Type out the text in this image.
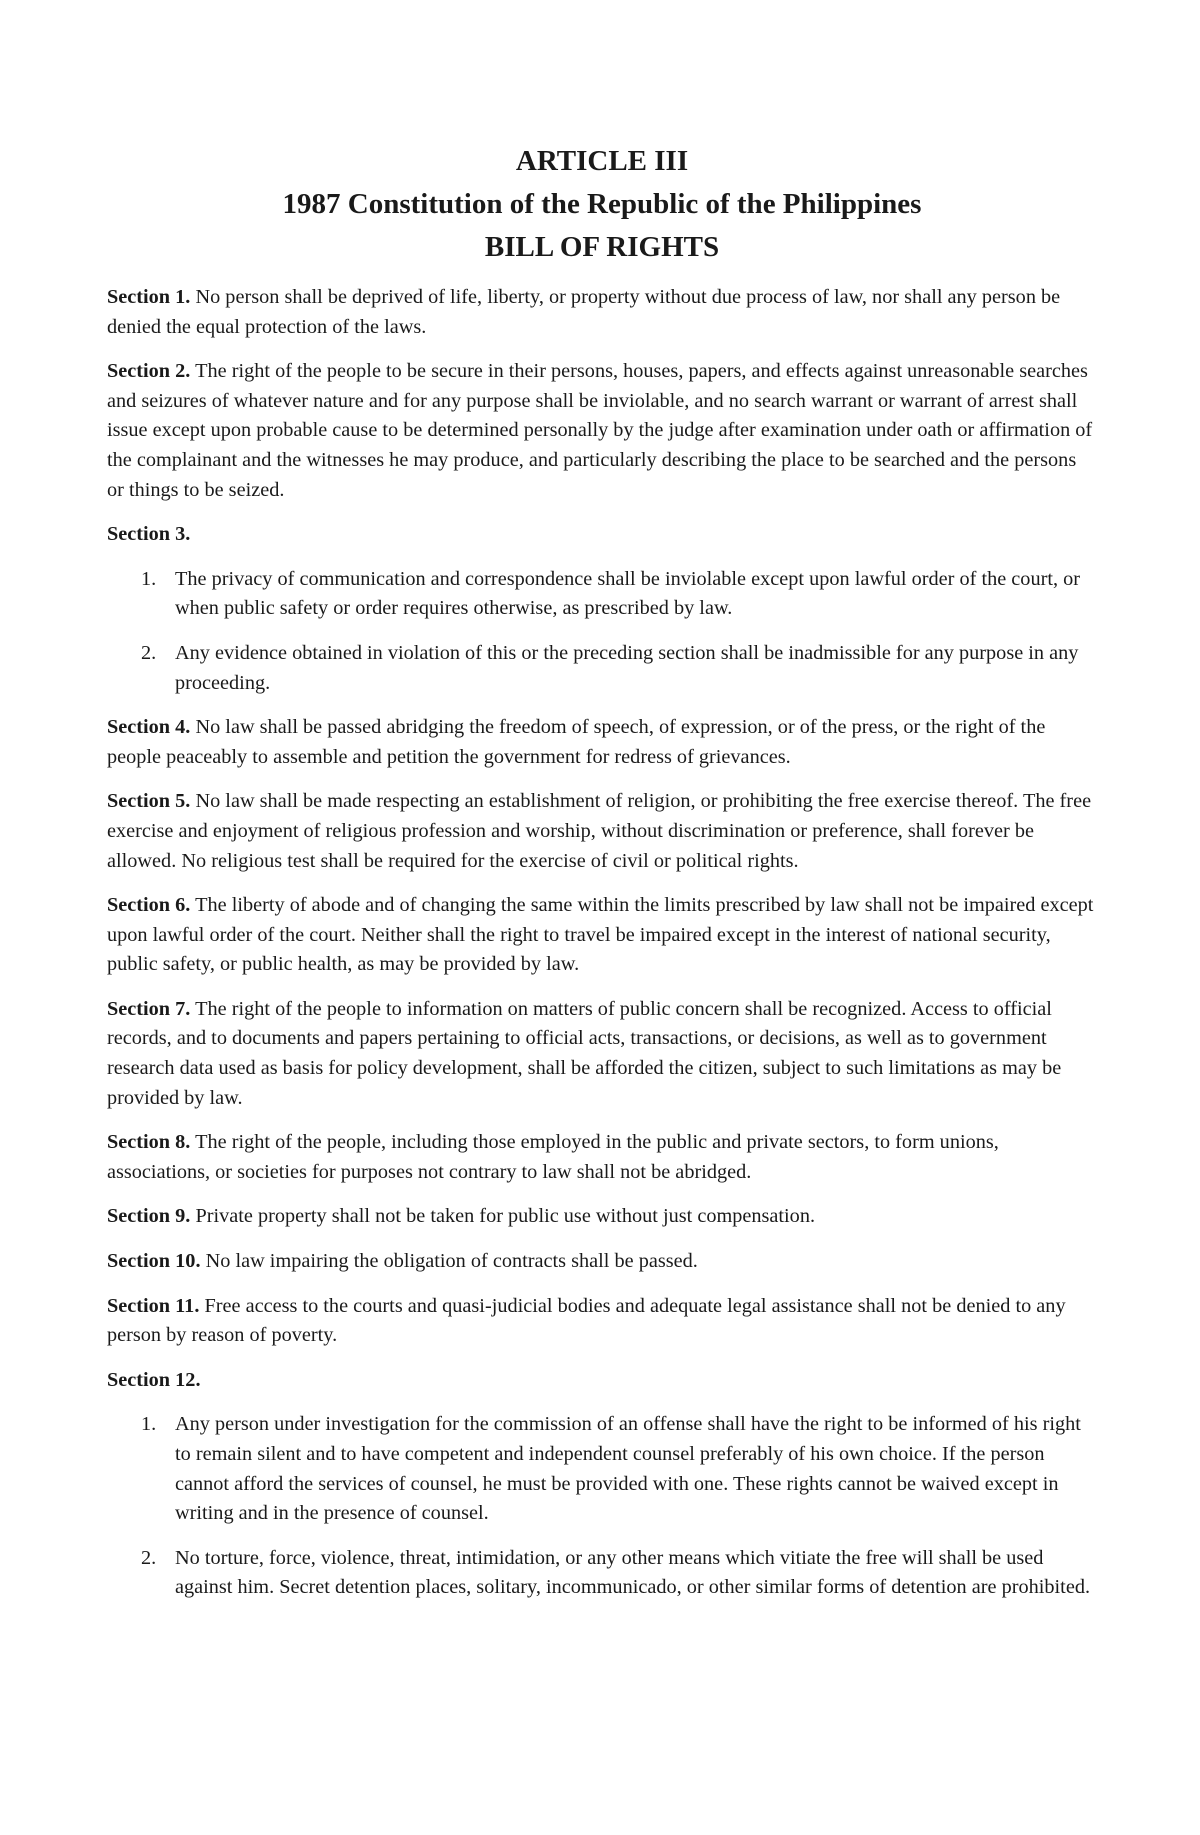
ARTICLE III
1987 Constitution of the Republic of the Philippines
BILL OF RIGHTS

Section 1. No person shall be deprived of life, liberty, or property without due process of law, nor shall any person be denied the equal protection of the laws.

Section 2. The right of the people to be secure in their persons, houses, papers, and effects against unreasonable searches and seizures of whatever nature and for any purpose shall be inviolable, and no search warrant or warrant of arrest shall issue except upon probable cause to be determined personally by the judge after examination under oath or affirmation of the complainant and the witnesses he may produce, and particularly describing the place to be searched and the persons or things to be seized.

Section 3.
1. The privacy of communication and correspondence shall be inviolable except upon lawful order of the court, or when public safety or order requires otherwise, as prescribed by law.
2. Any evidence obtained in violation of this or the preceding section shall be inadmissible for any purpose in any proceeding.

Section 4. No law shall be passed abridging the freedom of speech, of expression, or of the press, or the right of the people peaceably to assemble and petition the government for redress of grievances.

Section 5. No law shall be made respecting an establishment of religion, or prohibiting the free exercise thereof. The free exercise and enjoyment of religious profession and worship, without discrimination or preference, shall forever be allowed. No religious test shall be required for the exercise of civil or political rights.

Section 6. The liberty of abode and of changing the same within the limits prescribed by law shall not be impaired except upon lawful order of the court. Neither shall the right to travel be impaired except in the interest of national security, public safety, or public health, as may be provided by law.

Section 7. The right of the people to information on matters of public concern shall be recognized. Access to official records, and to documents and papers pertaining to official acts, transactions, or decisions, as well as to government research data used as basis for policy development, shall be afforded the citizen, subject to such limitations as may be provided by law.

Section 8. The right of the people, including those employed in the public and private sectors, to form unions, associations, or societies for purposes not contrary to law shall not be abridged.

Section 9. Private property shall not be taken for public use without just compensation.

Section 10. No law impairing the obligation of contracts shall be passed.

Section 11. Free access to the courts and quasi-judicial bodies and adequate legal assistance shall not be denied to any person by reason of poverty.

Section 12.
1. Any person under investigation for the commission of an offense shall have the right to be informed of his right to remain silent and to have competent and independent counsel preferably of his own choice. If the person cannot afford the services of counsel, he must be provided with one. These rights cannot be waived except in writing and in the presence of counsel.
2. No torture, force, violence, threat, intimidation, or any other means which vitiate the free will shall be used against him. Secret detention places, solitary, incommunicado, or other similar forms of detention are prohibited.
